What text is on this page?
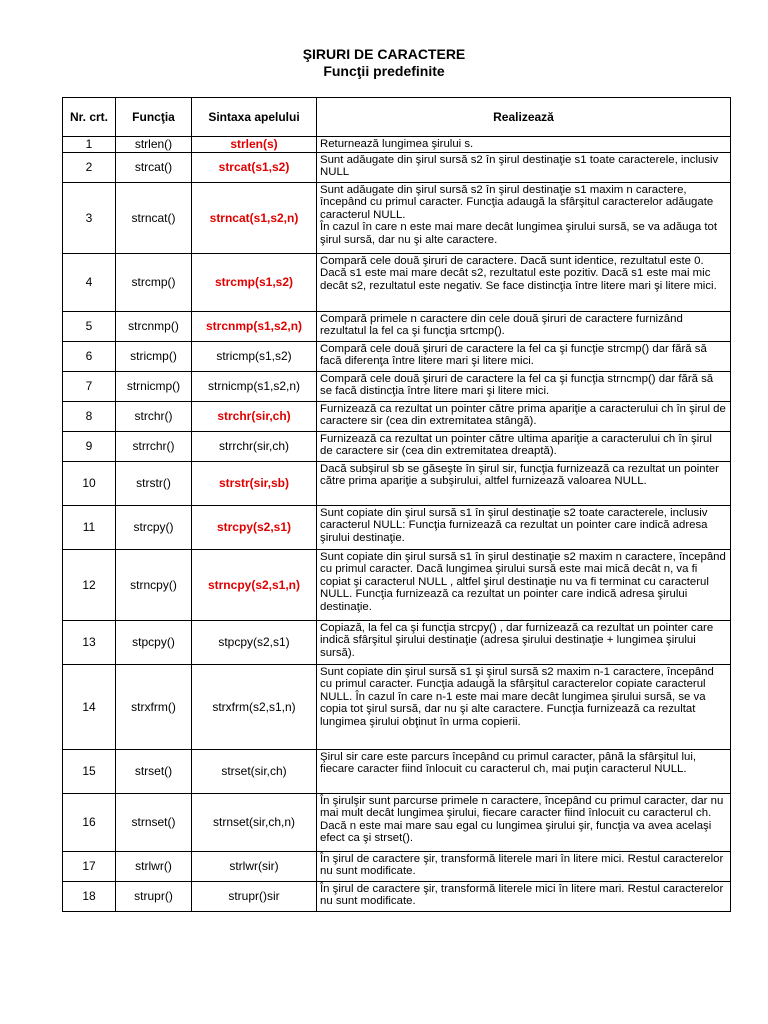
ŞIRURI DE CARACTERE
Funcţii predefinite
Nr. crt.	Funcţia	Sintaxa apelului	Realizează
1	strlen()	strlen(s)	Returnează lungimea şirului s.
2	strcat()	strcat(s1,s2)	Sunt adăugate din şirul sursă s2 în şirul destinaţie s1 toate caracterele, inclusiv NULL
3	strncat()	strncat(s1,s2,n)	Sunt adăugate din şirul sursă s2 în şirul destinaţie s1 maxim n caractere, începând cu primul caracter. Funcţia adaugă la sfârşitul caracterelor adăugate caracterul NULL.
În cazul în care n este mai mare decât lungimea şirului sursă, se va adăuga tot şirul sursă, dar nu şi alte caractere.
4	strcmp()	strcmp(s1,s2)	Compară cele două şiruri de caractere. Dacă sunt identice, rezultatul este 0. Dacă s1 este mai mare decât s2, rezultatul este pozitiv. Dacă s1 este mai mic decât s2, rezultatul este negativ. Se face distincţia între litere mari şi litere mici.
5	strcnmp()	strcnmp(s1,s2,n)	Compară primele n caractere din cele două şiruri de caractere furnizând rezultatul la fel ca şi funcţia srtcmp().
6	stricmp()	stricmp(s1,s2)	Compară cele două şiruri de caractere la fel ca şi funcţie strcmp() dar fără să facă diferenţa între litere mari şi litere mici.
7	strnicmp()	strnicmp(s1,s2,n)	Compară cele două şiruri de caractere la fel ca şi funcţia strncmp() dar fără să se facă distincţia între litere mari şi litere mici.
8	strchr()	strchr(sir,ch)	Furnizează ca rezultat un pointer către prima apariţie a caracterului ch în şirul de caractere sir (cea din extremitatea stângă).
9	strrchr()	strrchr(sir,ch)	Furnizează ca rezultat un pointer către ultima apariţie a caracterului ch în şirul de caractere sir (cea din extremitatea dreaptă).
10	strstr()	strstr(sir,sb)	Dacă subşirul sb se găseşte în şirul sir, funcţia furnizează ca rezultat un pointer către prima apariţie a subşirului, altfel furnizează valoarea NULL.
11	strcpy()	strcpy(s2,s1)	Sunt copiate din şirul sursă s1 în şirul destinaţie s2 toate caracterele, inclusiv caracterul NULL: Funcţia furnizează ca rezultat un pointer care indică adresa şirului destinaţie.
12	strncpy()	strncpy(s2,s1,n)	Sunt copiate din şirul sursă s1 în şirul destinaţie s2 maxim n caractere, începând cu primul caracter. Dacă lungimea şirului sursă este mai mică decât n, va fi copiat şi caracterul NULL , altfel şirul destinaţie nu va fi terminat cu caracterul NULL. Funcţia furnizează ca rezultat un pointer care indică adresa şirului destinaţie.
13	stpcpy()	stpcpy(s2,s1)	Copiază, la fel ca şi funcţia strcpy() , dar furnizează ca rezultat un pointer care indică sfârşitul şirului destinaţie (adresa şirului destinaţie + lungimea şirului sursă).
14	strxfrm()	strxfrm(s2,s1,n)	Sunt copiate din şirul sursă s1 şi şirul sursă s2 maxim n-1 caractere, începând cu primul caracter. Funcţia adaugă la sfârşitul caracterelor copiate caracterul NULL. În cazul în care n-1 este mai mare decât lungimea şirului sursă, se va copia tot şirul sursă, dar nu şi alte caractere. Funcţia furnizează ca rezultat lungimea şirului obţinut în urma copierii.
15	strset()	strset(sir,ch)	Şirul sir care este parcurs începând cu primul caracter, până la sfârşitul lui, fiecare caracter fiind înlocuit cu caracterul ch, mai puţin caracterul NULL.
16	strnset()	strnset(sir,ch,n)	În şirulşir sunt parcurse primele n caractere, începând cu primul caracter, dar nu mai mult decât lungimea şirului, fiecare caracter fiind înlocuit cu caracterul ch. Dacă n este mai mare sau egal cu lungimea şirului şir, funcţia va avea acelaşi efect ca şi strset().
17	strlwr()	strlwr(sir)	În şirul de caractere şir, transformă literele mari în litere mici. Restul caracterelor nu sunt modificate.
18	strupr()	strupr()sir	În şirul de caractere şir, transformă literele mici în litere mari. Restul caracterelor nu sunt modificate.
